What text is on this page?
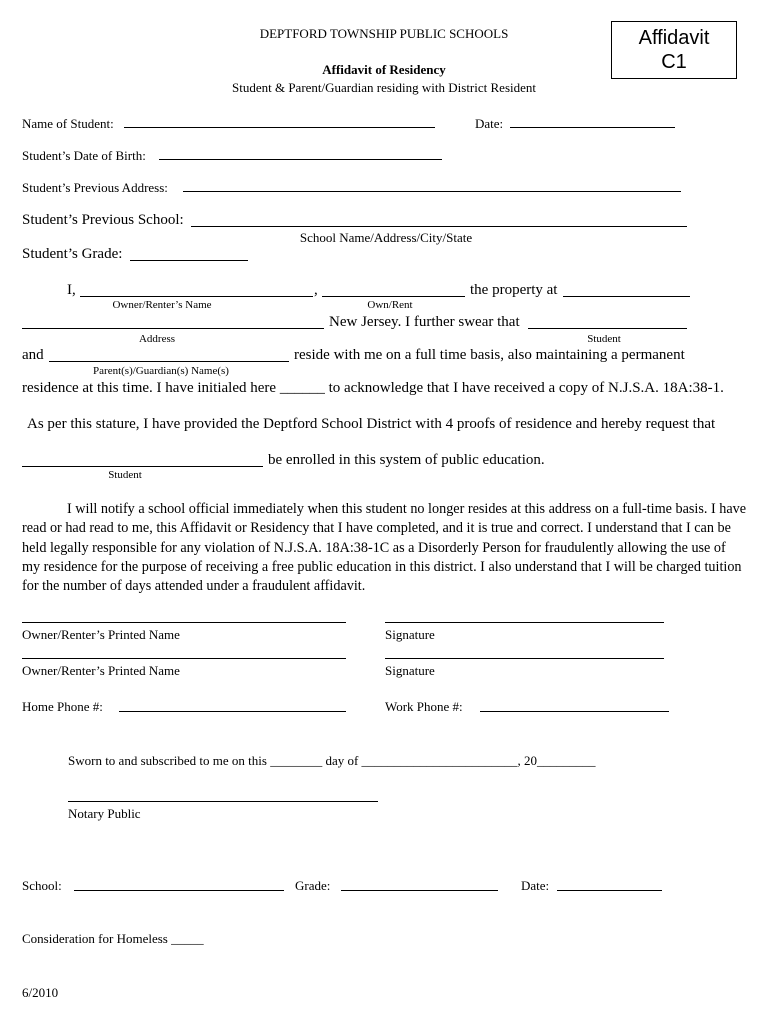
DEPTFORD TOWNSHIP PUBLIC SCHOOLS
Affidavit of Residency
Student & Parent/Guardian residing with District Resident
Affidavit
C1
Name of Student:	Date:
Student’s Date of Birth:
Student’s Previous Address:
Student’s Previous School:
School Name/Address/City/State
Student’s Grade:
I,	,	the property at
Owner/Renter’s Name	Own/Rent
New Jersey. I further swear that
Address	Student
and	reside with me on a full time basis, also maintaining a permanent
Parent(s)/Guardian(s) Name(s)
residence at this time. I have initialed here ______ to acknowledge that I have received a copy of N.J.S.A. 18A:38-1.
As per this stature, I have provided the Deptford School District with 4 proofs of residence and hereby request that
be enrolled in this system of public education.
Student
I will notify a school official immediately when this student no longer resides at this address on a full-time basis. I have read or had read to me, this Affidavit or Residency that I have completed, and it is true and correct. I understand that I can be held legally responsible for any violation of N.J.S.A. 18A:38-1C as a Disorderly Person for fraudulently allowing the use of my residence for the purpose of receiving a free public education in this district. I also understand that I will be charged tuition for the number of days attended under a fraudulent affidavit.
Owner/Renter’s Printed Name	Signature
Owner/Renter’s Printed Name	Signature
Home Phone #:	Work Phone #:
Sworn to and subscribed to me on this ________ day of ________________________, 20_________
Notary Public
School:	Grade:	Date:
Consideration for Homeless _____
6/2010
